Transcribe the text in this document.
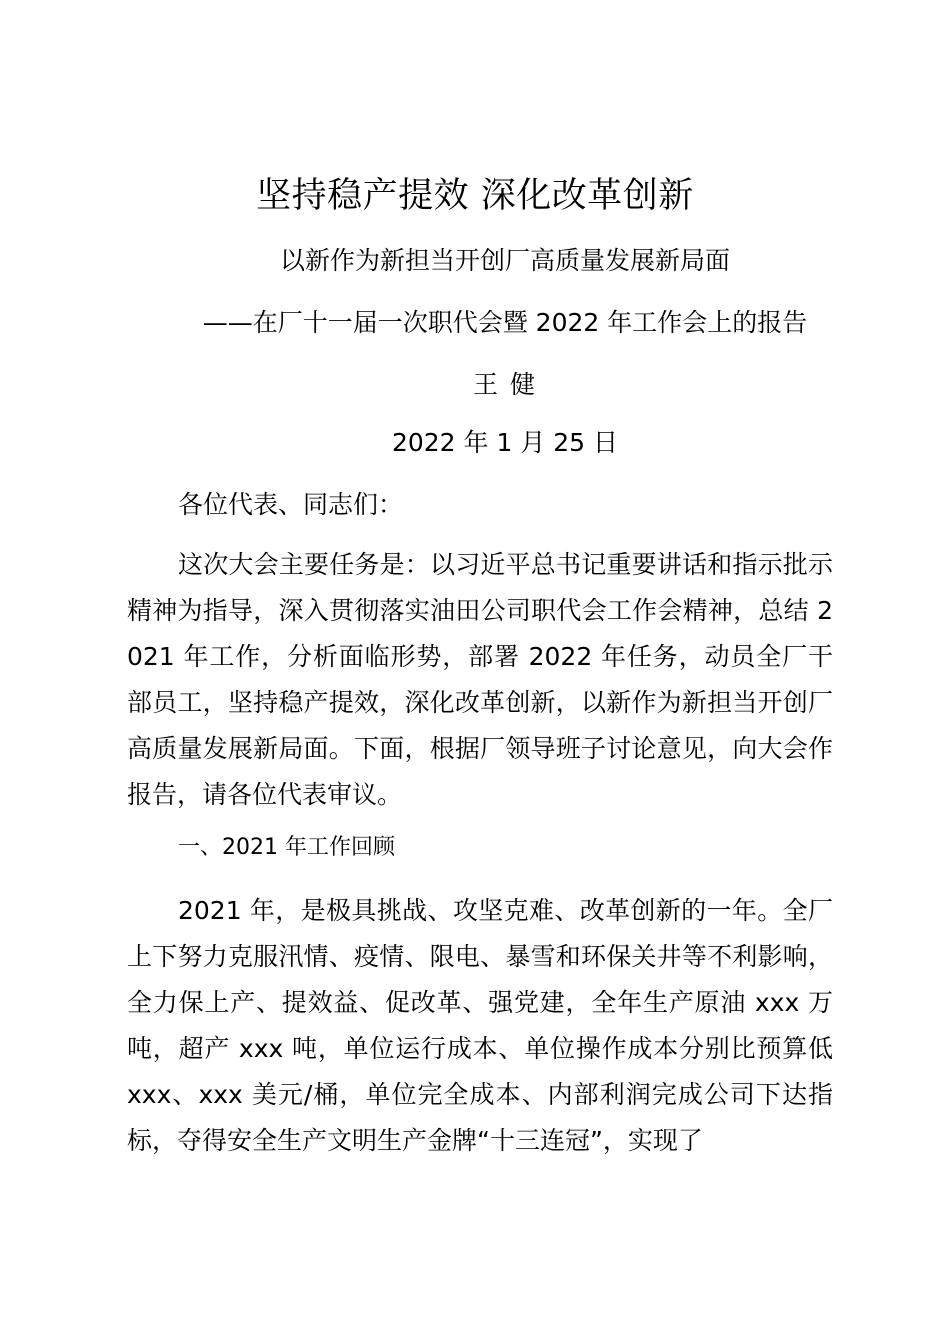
坚持稳产提效 深化改革创新
以新作为新担当开创厂高质量发展新局面
——在厂十一届一次职代会暨 2022 年工作会上的报告
王 健
2022 年 1 月 25 日
各位代表、同志们：
这次大会主要任务是：以习近平总书记重要讲话和指示批示精神为指导，深入贯彻落实油田公司职代会工作会精神，总结 2021 年工作，分析面临形势，部署 2022 年任务，动员全厂干部员工，坚持稳产提效，深化改革创新，以新作为新担当开创厂高质量发展新局面。下面，根据厂领导班子讨论意见，向大会作报告，请各位代表审议。
一、2021 年工作回顾
2021 年，是极具挑战、攻坚克难、改革创新的一年。全厂上下努力克服汛情、疫情、限电、暴雪和环保关井等不利影响，全力保上产、提效益、促改革、强党建，全年生产原油 xxx 万吨，超产 xxx 吨，单位运行成本、单位操作成本分别比预算低 xxx、xxx 美元/桶，单位完全成本、内部利润完成公司下达指标，夺得安全生产文明生产金牌“十三连冠”，实现了
